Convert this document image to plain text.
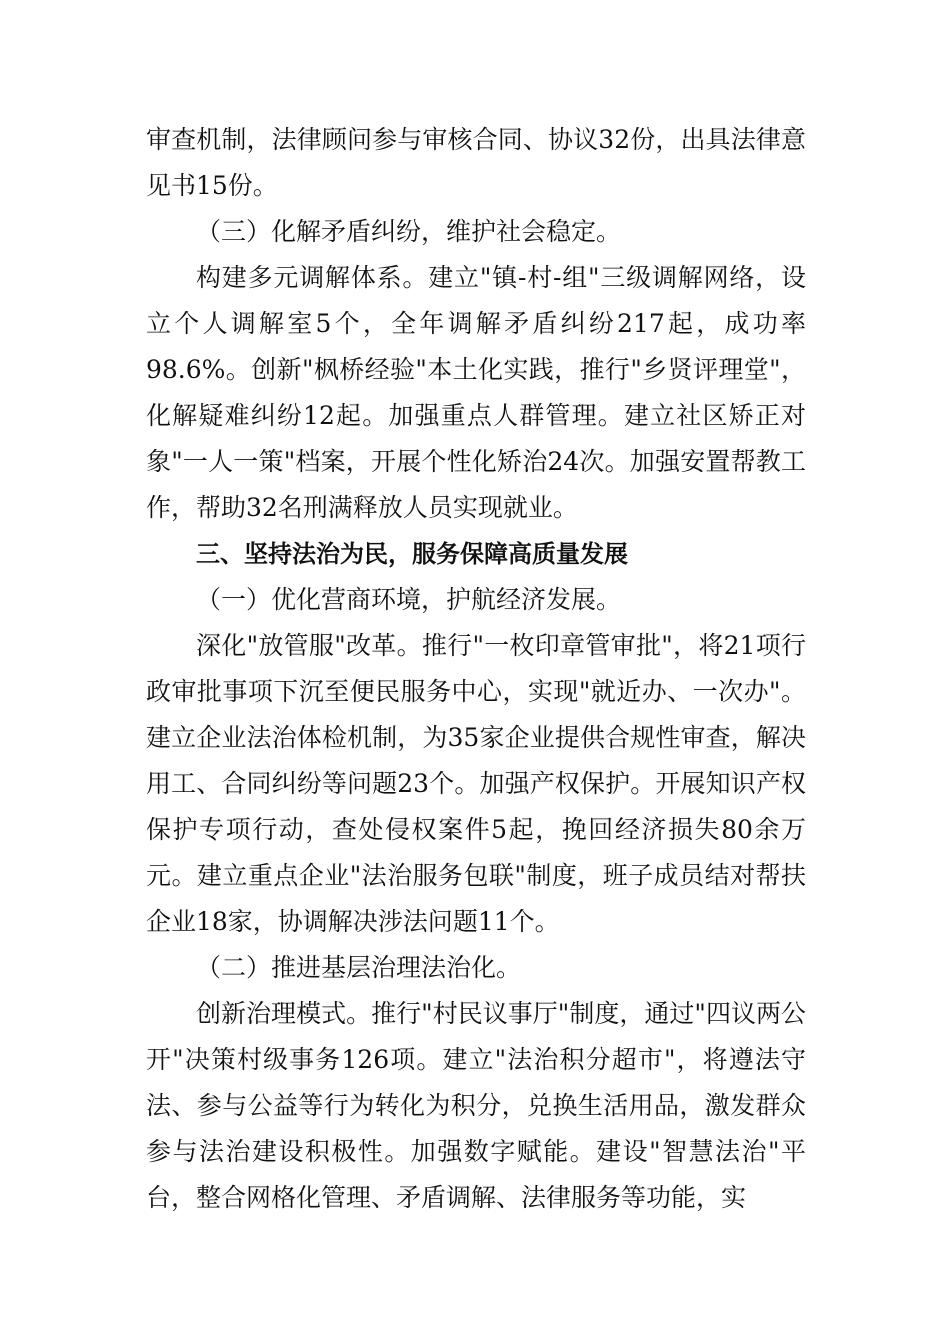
审查机制，法律顾问参与审核合同、协议32份，出具法律意见书15份。

（三）化解矛盾纠纷，维护社会稳定。

构建多元调解体系。建立"镇-村-组"三级调解网络，设立个人调解室5个，全年调解矛盾纠纷217起，成功率98.6%。创新"枫桥经验"本土化实践，推行"乡贤评理堂"，化解疑难纠纷12起。加强重点人群管理。建立社区矫正对象"一人一策"档案，开展个性化矫治24次。加强安置帮教工作，帮助32名刑满释放人员实现就业。

三、坚持法治为民，服务保障高质量发展

（一）优化营商环境，护航经济发展。

深化"放管服"改革。推行"一枚印章管审批"，将21项行政审批事项下沉至便民服务中心，实现"就近办、一次办"。建立企业法治体检机制，为35家企业提供合规性审查，解决用工、合同纠纷等问题23个。加强产权保护。开展知识产权保护专项行动，查处侵权案件5起，挽回经济损失80余万元。建立重点企业"法治服务包联"制度，班子成员结对帮扶企业18家，协调解决涉法问题11个。

（二）推进基层治理法治化。

创新治理模式。推行"村民议事厅"制度，通过"四议两公开"决策村级事务126项。建立"法治积分超市"，将遵法守法、参与公益等行为转化为积分，兑换生活用品，激发群众参与法治建设积极性。加强数字赋能。建设"智慧法治"平台，整合网格化管理、矛盾调解、法律服务等功能，实
